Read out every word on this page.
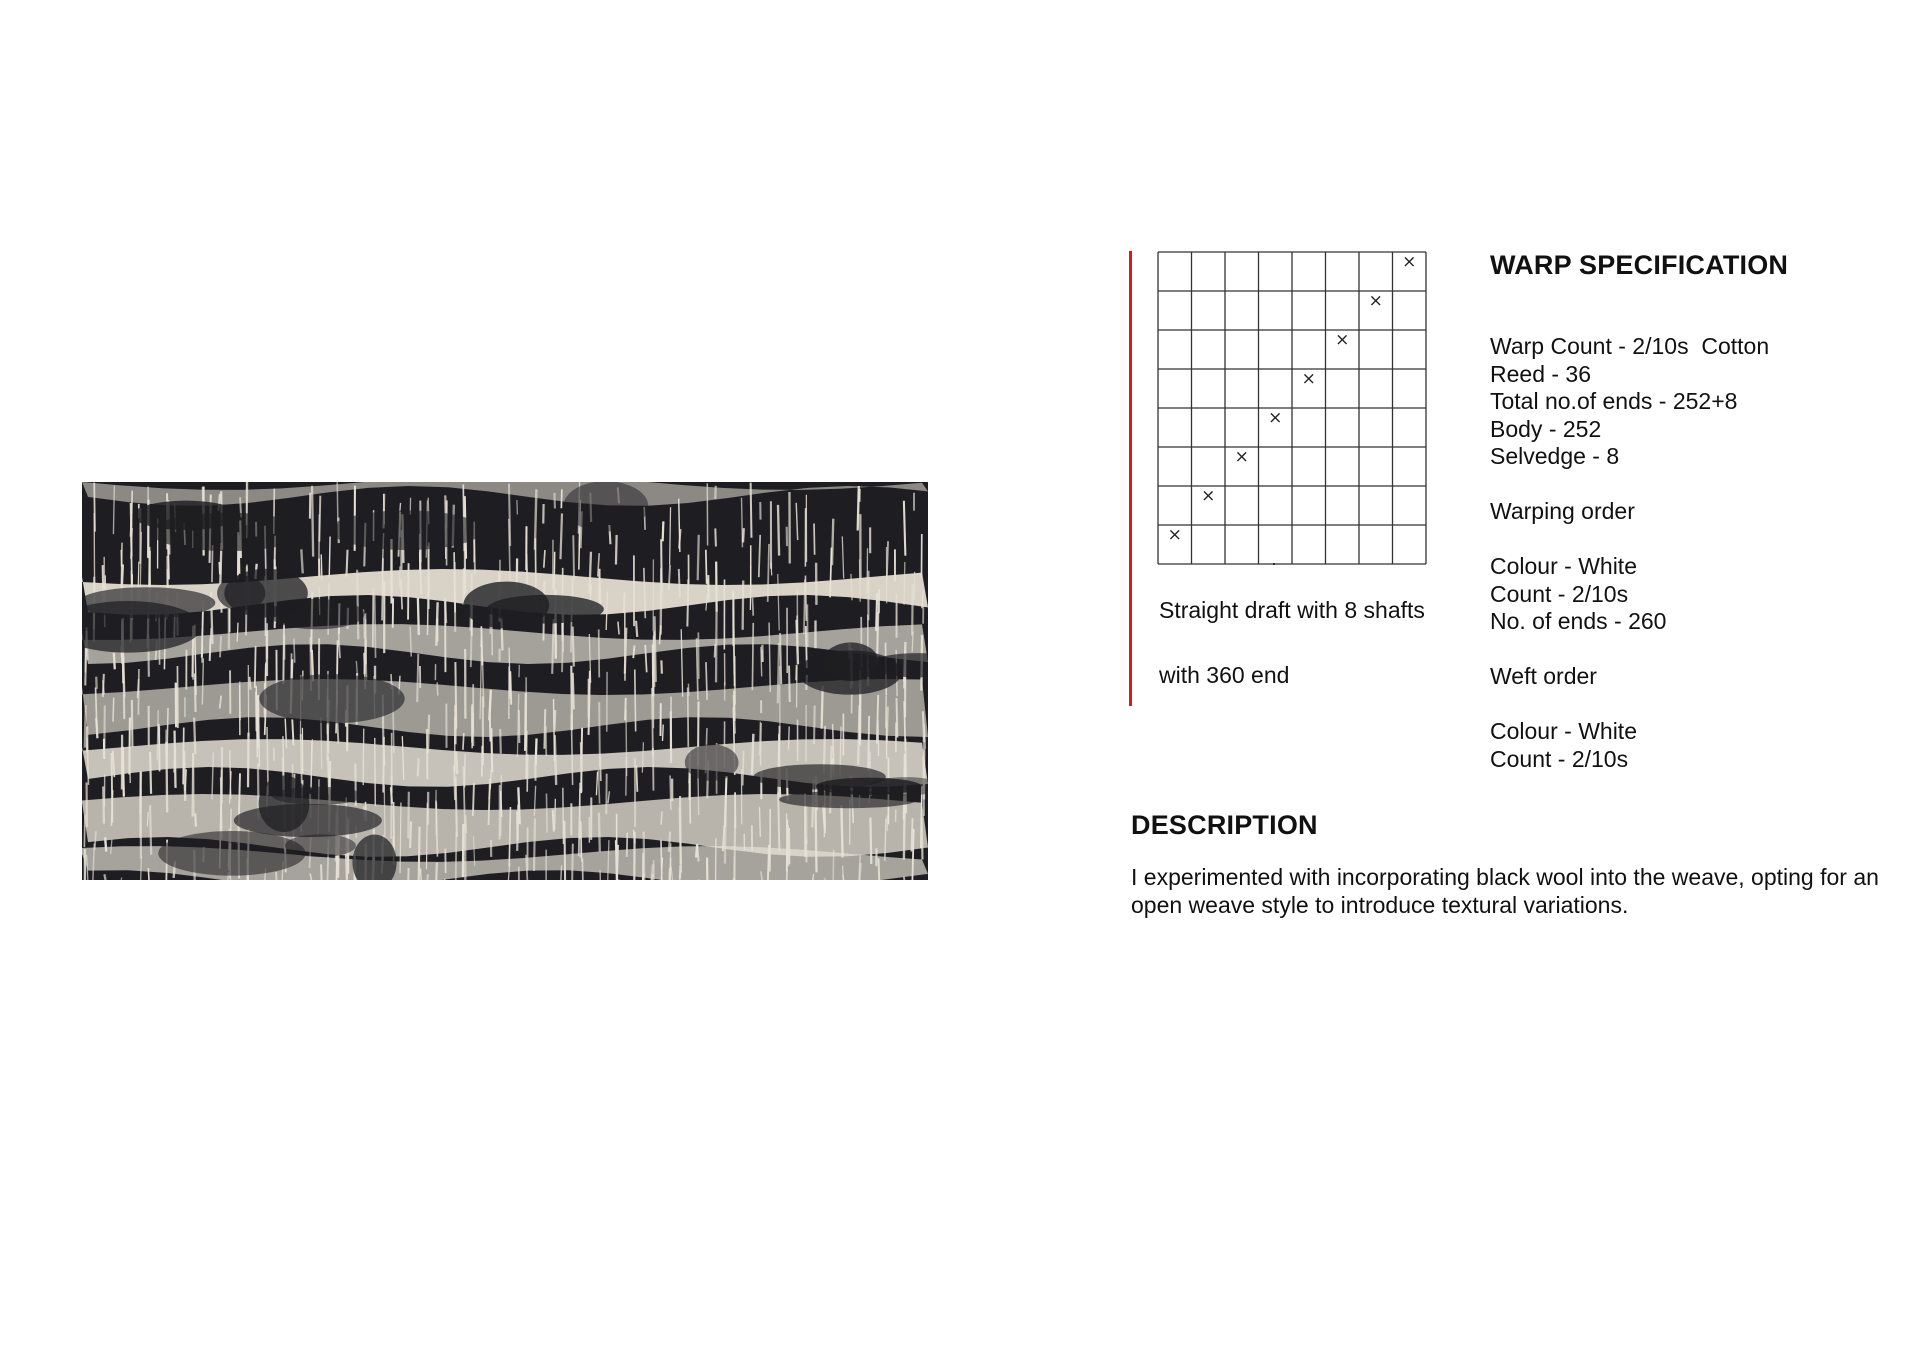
×
×
×
×
×
×
×
×
Straight draft with 8 shafts
with 360 end
WARP SPECIFICATION
Warp Count - 2/10s  Cotton
Reed - 36
Total no.of ends - 252+8
Body - 252
Selvedge - 8
Warping order
Colour - White
Count - 2/10s
No. of ends - 260
Weft order
Colour - White
Count - 2/10s
DESCRIPTION

I experimented with incorporating black wool into the weave, opting for an open weave style to introduce textural variations.
